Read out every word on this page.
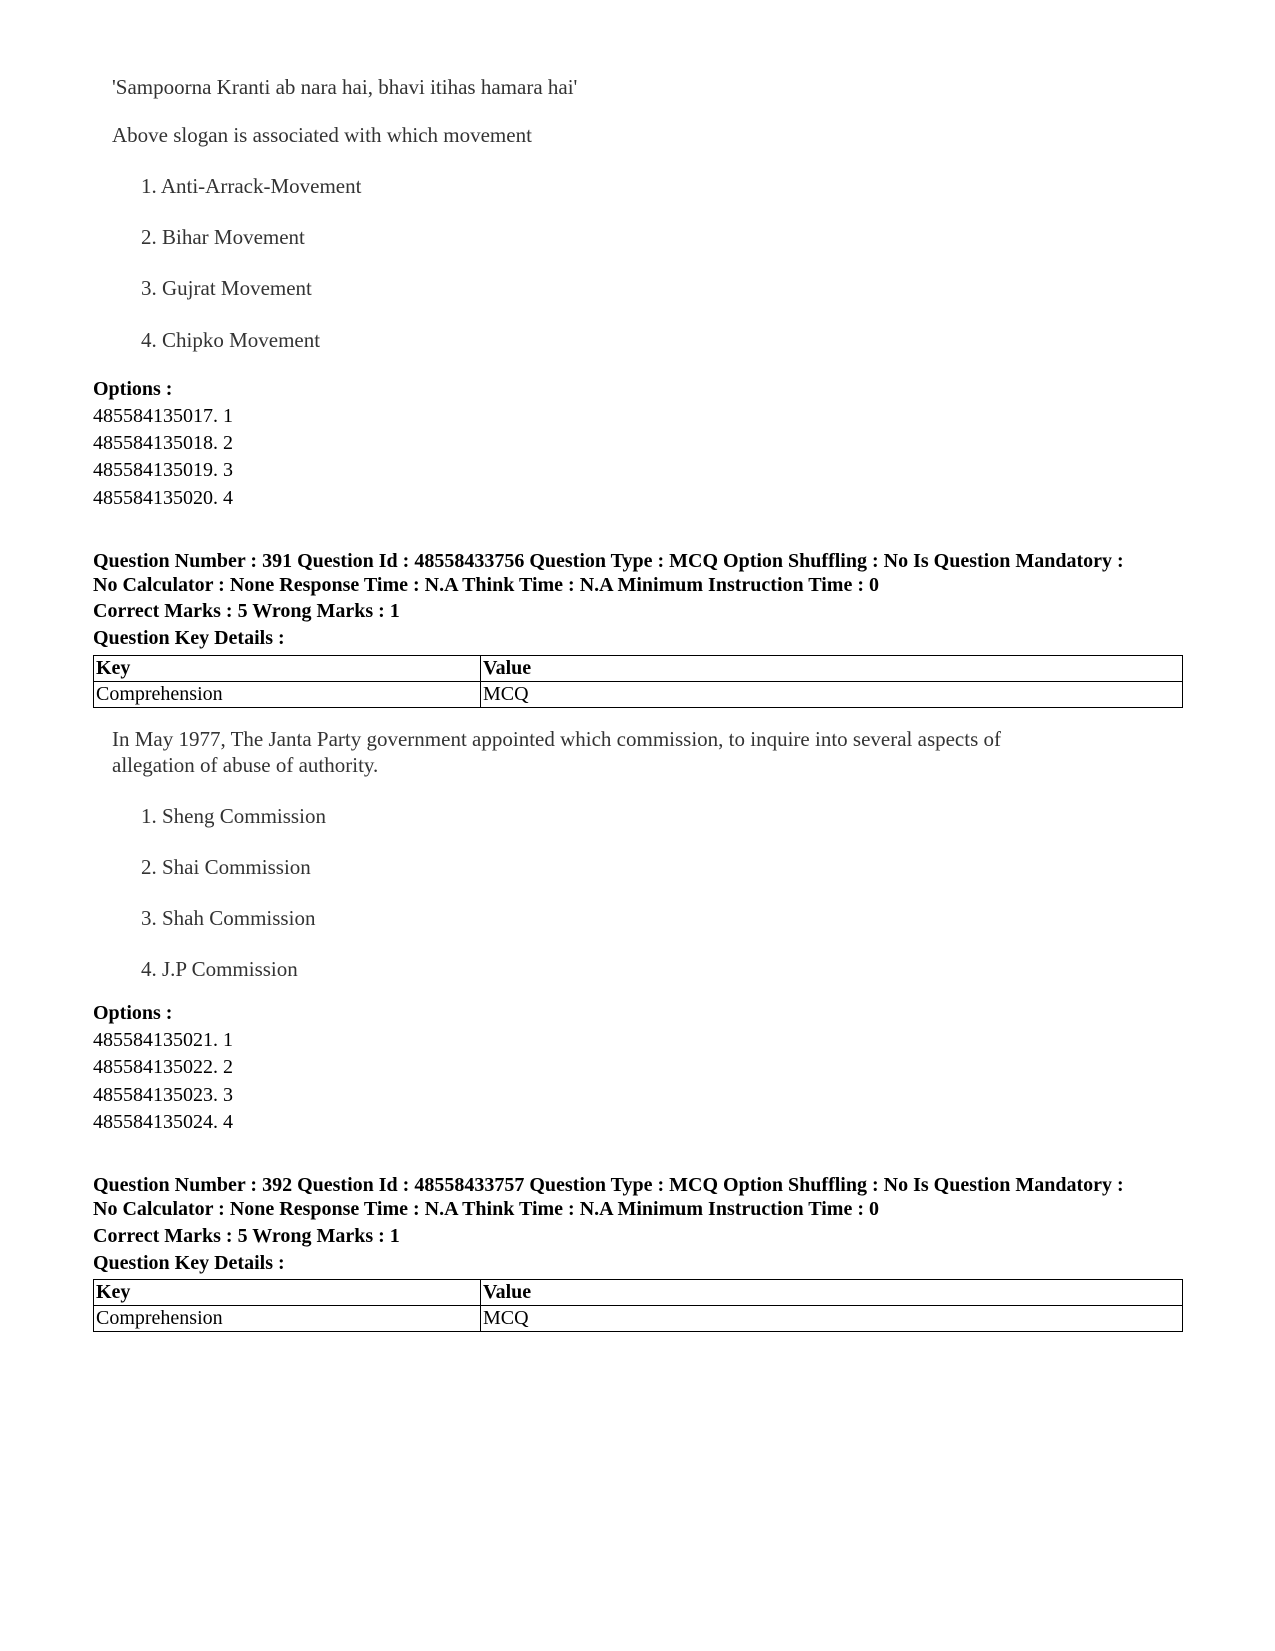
'Sampoorna Kranti ab nara hai, bhavi itihas hamara hai'
Above slogan is associated with which movement
1. Anti-Arrack-Movement
2. Bihar Movement
3. Gujrat Movement
4. Chipko Movement
Options :
485584135017. 1
485584135018. 2
485584135019. 3
485584135020. 4
Question Number : 391 Question Id : 48558433756 Question Type : MCQ Option Shuffling : No Is Question Mandatory :
No Calculator : None Response Time : N.A Think Time : N.A Minimum Instruction Time : 0
Correct Marks : 5 Wrong Marks : 1
Question Key Details :
Key	Value
Comprehension	MCQ
In May 1977, The Janta Party government appointed which commission, to inquire into several aspects of
allegation of abuse of authority.
1. Sheng Commission
2. Shai Commission
3. Shah Commission
4. J.P Commission
Options :
485584135021. 1
485584135022. 2
485584135023. 3
485584135024. 4
Question Number : 392 Question Id : 48558433757 Question Type : MCQ Option Shuffling : No Is Question Mandatory :
No Calculator : None Response Time : N.A Think Time : N.A Minimum Instruction Time : 0
Correct Marks : 5 Wrong Marks : 1
Question Key Details :
Key	Value
Comprehension	MCQ
